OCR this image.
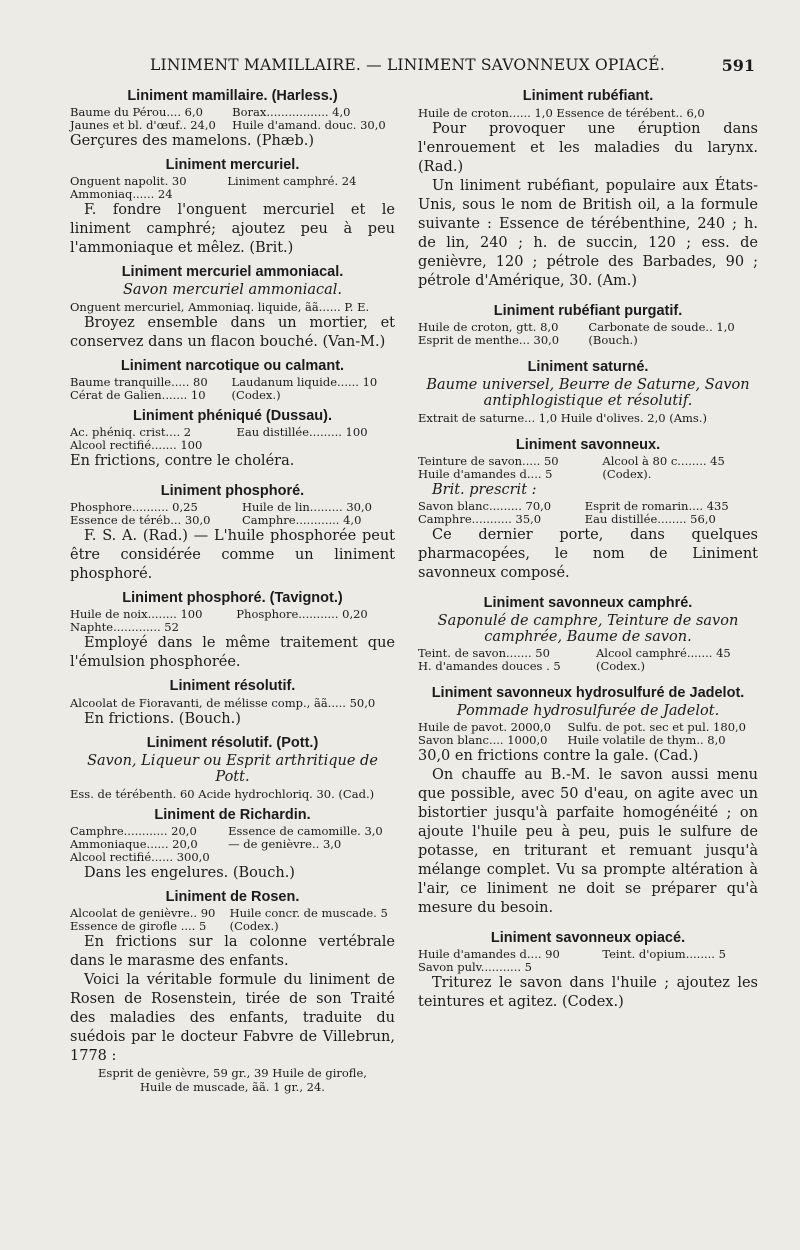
LINIMENT MAMILLAIRE. — LINIMENT SAVONNEUX OPIACÉ.	591
Liniment mamillaire. (Harless.)
Baume du Pérou.... 6,0	Borax................. 4,0
Jaunes et bl. d'œuf.. 24,0	Huile d'amand. douc. 30,0

Gerçures des mamelons. (Phæb.)

Liniment mercuriel.
Onguent napolit. 30	Liniment camphré. 24
Ammoniaq...... 24	

F. fondre l'onguent mercuriel et le liniment camphré; ajoutez peu à peu l'ammoniaque et mêlez. (Brit.)

Liniment mercuriel ammoniacal.

Savon mercuriel ammoniacal.

Onguent mercuriel, Ammoniaq. liquide, ãã...... P. E.

Broyez ensemble dans un mortier, et conservez dans un flacon bouché. (Van-M.)

Liniment narcotique ou calmant.
Baume tranquille..... 80	Laudanum liquide...... 10
Cérat de Galien....... 10	(Codex.)
Liniment phéniqué (Dussau).
Ac. phéniq. crist.... 2	Eau distillée......... 100
Alcool rectifié....... 100	

En frictions, contre le choléra.

Liniment phosphoré.
Phosphore.......... 0,25	Huile de lin......... 30,0
Essence de téréb... 30,0	Camphre............ 4,0

F. S. A. (Rad.) — L'huile phosphorée peut être considérée comme un liniment phosphoré.

Liniment phosphoré. (Tavignot.)
Huile de noix........ 100	Phosphore........... 0,20
Naphte............. 52	

Employé dans le même traitement que l'émulsion phosphorée.

Liniment résolutif.

Alcoolat de Fioravanti, de mélisse comp., ãã..... 50,0

En frictions. (Bouch.)

Liniment résolutif. (Pott.)

Savon, Liqueur ou Esprit arthritique de Pott.

Ess. de térébenth. 60 Acide hydrochloriq. 30. (Cad.)

Liniment de Richardin.
Camphre............ 20,0	Essence de camomille. 3,0
Ammoniaque...... 20,0	— de genièvre.. 3,0
Alcool rectifié...... 300,0	

Dans les engelures. (Bouch.)

Liniment de Rosen.
Alcoolat de genièvre.. 90	Huile concr. de muscade. 5
Essence de girofle .... 5	(Codex.)

En frictions sur la colonne vertébrale dans le marasme des enfants.

Voici la véritable formule du liniment de Rosen de Rosenstein, tirée de son Traité des maladies des enfants, traduite du suédois par le docteur Fabvre de Villebrun, 1778 :

Esprit de genièvre, 59 gr., 39 Huile de girofle,

Huile de muscade, ãã. 1 gr., 24.

Liniment rubéfiant.

Huile de croton...... 1,0 Essence de térébent.. 6,0

Pour provoquer une éruption dans l'enrouement et les maladies du larynx. (Rad.)

Un liniment rubéfiant, populaire aux États-Unis, sous le nom de British oil, a la formule suivante : Essence de térébenthine, 240 ; h. de lin, 240 ; h. de succin, 120 ; ess. de genièvre, 120 ; pétrole des Barbades, 90 ; pétrole d'Amérique, 30. (Am.)

Liniment rubéfiant purgatif.
Huile de croton, gtt. 8,0	Carbonate de soude.. 1,0
Esprit de menthe... 30,0	(Bouch.)
Liniment saturné.

Baume universel, Beurre de Saturne, Savon antiphlogistique et résolutif.

Extrait de saturne... 1,0 Huile d'olives. 2,0 (Ams.)

Liniment savonneux.
Teinture de savon..... 50	Alcool à 80 c........ 45
Huile d'amandes d.... 5	(Codex).

Brit. prescrit :

Savon blanc......... 70,0	Esprit de romarin.... 435
Camphre........... 35,0	Eau distillée........ 56,0

Ce dernier porte, dans quelques pharmacopées, le nom de Liniment savonneux composé.

Liniment savonneux camphré.

Saponulé de camphre, Teinture de savon camphrée, Baume de savon.

Teint. de savon....... 50	Alcool camphré....... 45
H. d'amandes douces . 5	(Codex.)
Liniment savonneux hydrosulfuré de Jadelot.

Pommade hydrosulfurée de Jadelot.

Huile de pavot. 2000,0	Sulfu. de pot. sec et pul. 180,0
Savon blanc.... 1000,0	Huile volatile de thym.. 8,0

30,0 en frictions contre la gale. (Cad.)

On chauffe au B.-M. le savon aussi menu que possible, avec 50 d'eau, on agite avec un bistortier jusqu'à parfaite homogénéité ; on ajoute l'huile peu à peu, puis le sulfure de potasse, en triturant et remuant jusqu'à mélange complet. Vu sa prompte altération à l'air, ce liniment ne doit se préparer qu'à mesure du besoin.

Liniment savonneux opiacé.
Huile d'amandes d.... 90	Teint. d'opium........ 5
Savon pulv........... 5	

Triturez le savon dans l'huile ; ajoutez les teintures et agitez. (Codex.)
